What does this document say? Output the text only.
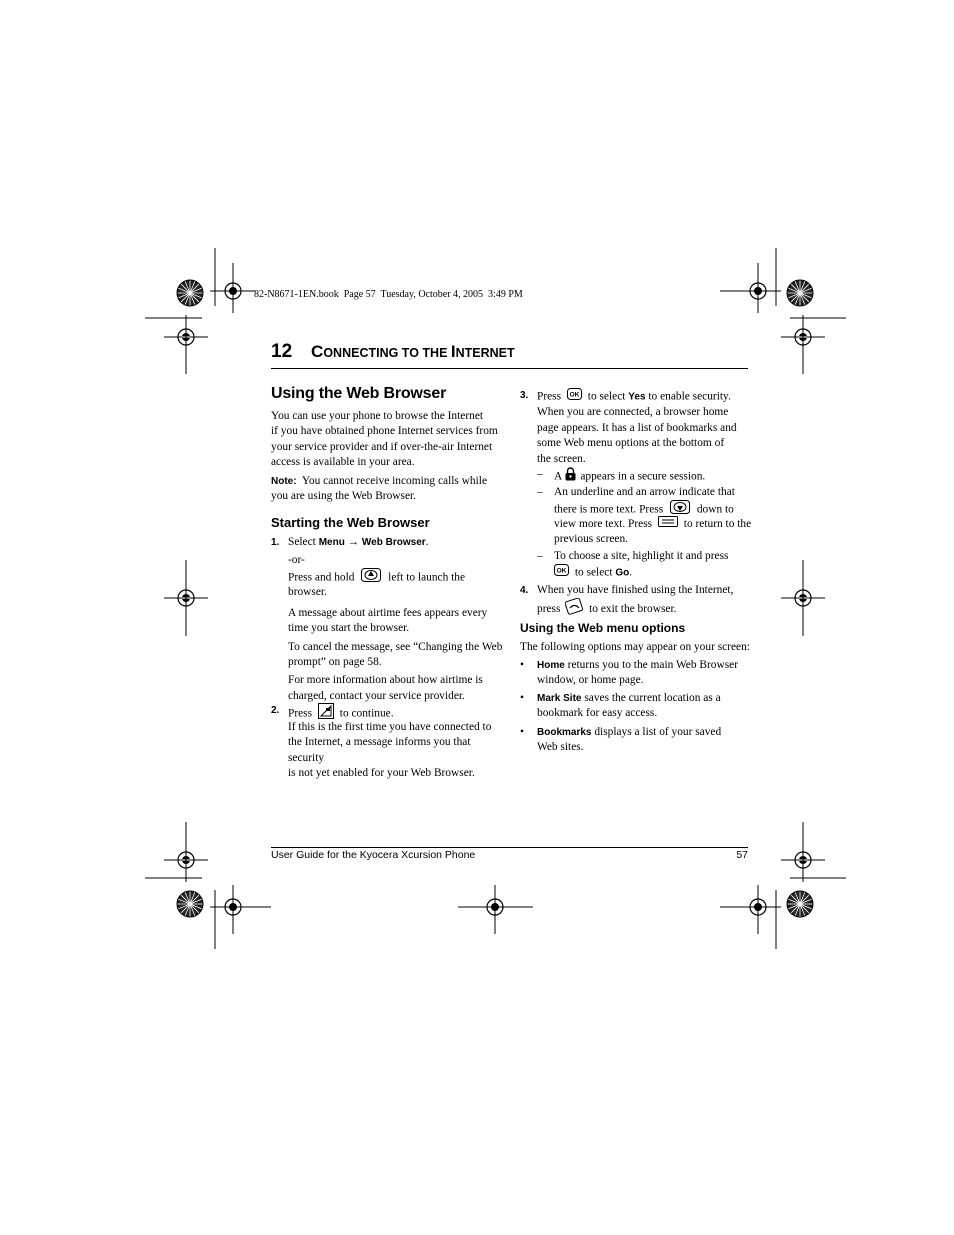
82-N8671-1EN.book  Page 57  Tuesday, October 4, 2005  3:49 PM
12 CONNECTING TO THE INTERNET
Using the Web Browser
You can use your phone to browse the Internet
if you have obtained phone Internet services from
your service provider and if over-the-air Internet
access is available in your area.
Note: You cannot receive incoming calls while
you are using the Web Browser.
Starting the Web Browser
1. Select Menu → Web Browser.
-or-
Press and hold	left to launch the
browser.
A message about airtime fees appears every
time you start the browser.
To cancel the message, see “Changing the Web
prompt” on page 58.
For more information about how airtime is
charged, contact your service provider.
2. Press to continue.
If this is the first time you have connected to
the Internet, a message informs you that
security
is not yet enabled for your Web Browser.
3. Press OK to select Yes to enable security.
When you are connected, a browser home
page appears. It has a list of bookmarks and
some Web menu options at the bottom of
the screen.
– A appears in a secure session.
– An underline and an arrow indicate that
there is more text. Press	down to
view more text. Press	to return to the
previous screen.
– To choose a site, highlight it and press
OK to select Go.
4. When you have finished using the Internet,
press	to exit the browser.
Using the Web menu options
The following options may appear on your screen:
•	Home returns you to the main Web Browser
window, or home page.
•	Mark Site saves the current location as a
bookmark for easy access.
•	Bookmarks displays a list of your saved
Web sites.
User Guide for the Kyocera Xcursion Phone	57
